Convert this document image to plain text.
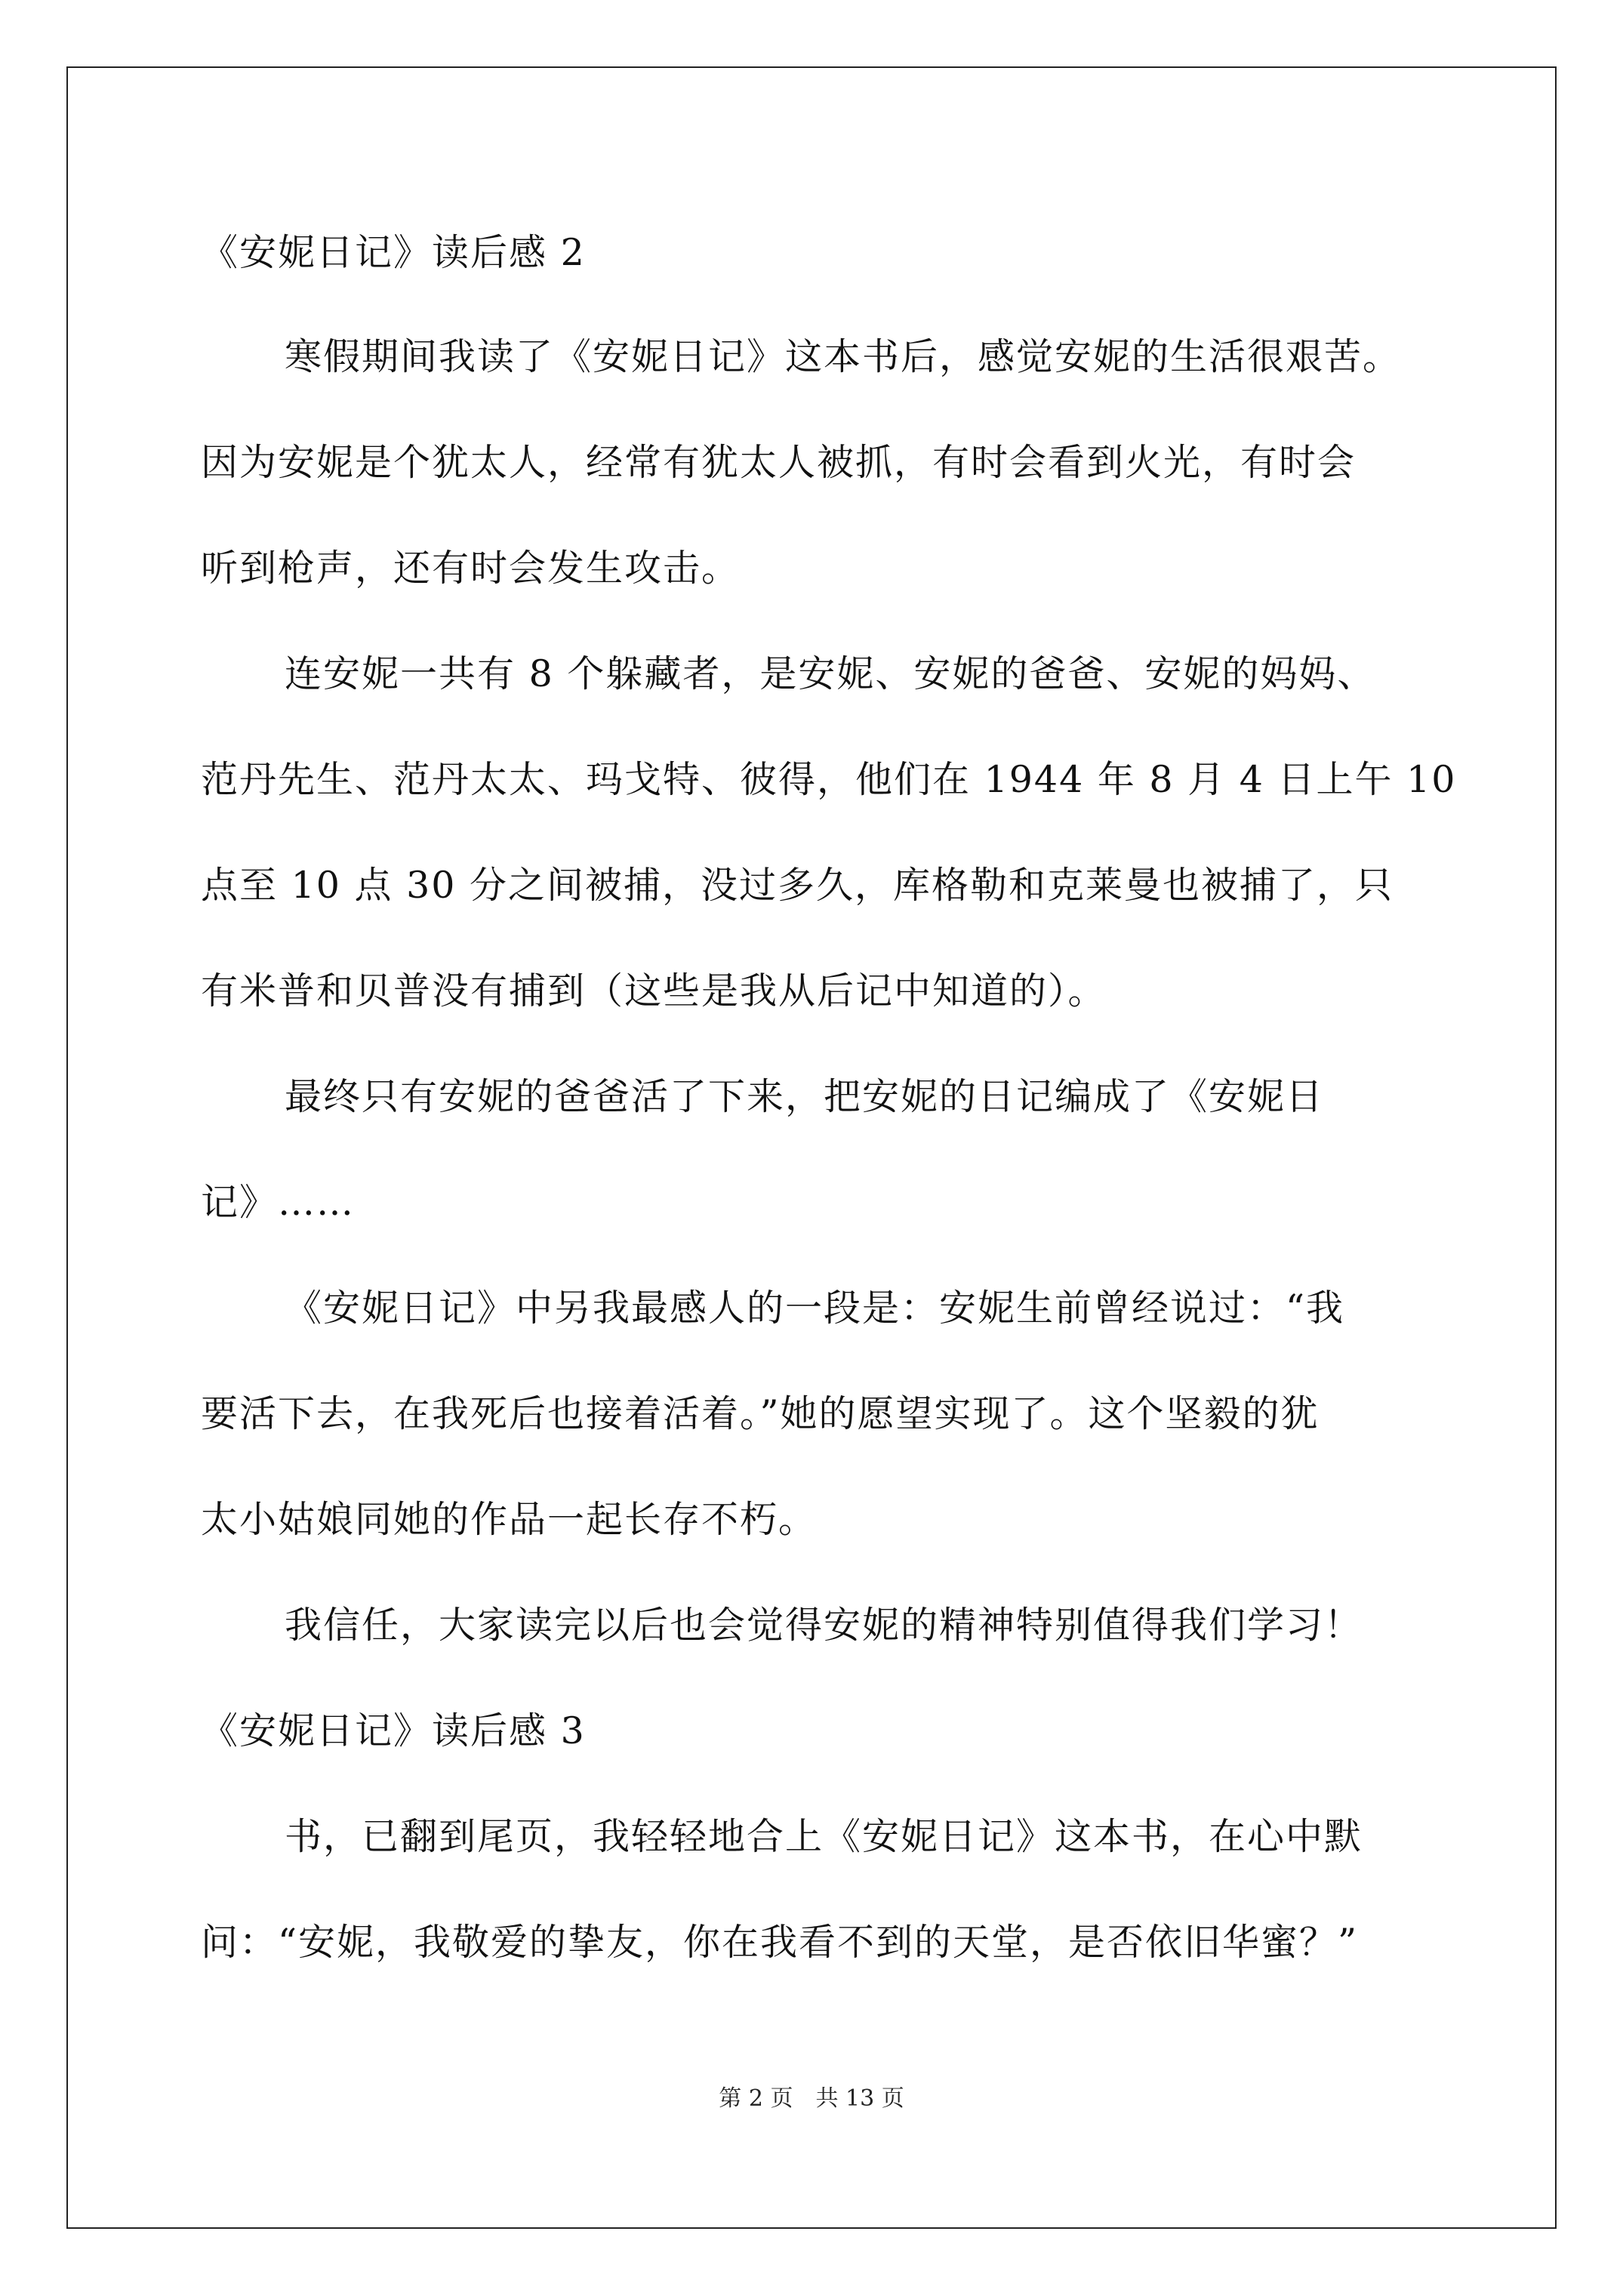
《安妮日记》读后感 2
寒假期间我读了《安妮日记》这本书后，感觉安妮的生活很艰苦。
因为安妮是个犹太人，经常有犹太人被抓，有时会看到火光，有时会
听到枪声，还有时会发生攻击。
连安妮一共有 8 个躲藏者，是安妮、安妮的爸爸、安妮的妈妈、
范丹先生、范丹太太、玛戈特、彼得，他们在 1944 年 8 月 4 日上午 10
点至 10 点 30 分之间被捕，没过多久，库格勒和克莱曼也被捕了，只
有米普和贝普没有捕到（这些是我从后记中知道的）。
最终只有安妮的爸爸活了下来，把安妮的日记编成了《安妮日
记》……
《安妮日记》中另我最感人的一段是：安妮生前曾经说过：“我
要活下去，在我死后也接着活着。”她的愿望实现了。这个坚毅的犹
太小姑娘同她的作品一起长存不朽。
我信任，大家读完以后也会觉得安妮的精神特别值得我们学习！
《安妮日记》读后感 3
书，已翻到尾页，我轻轻地合上《安妮日记》这本书，在心中默
问：“安妮，我敬爱的挚友，你在我看不到的天堂，是否依旧华蜜？”
第 2 页　共 13 页
